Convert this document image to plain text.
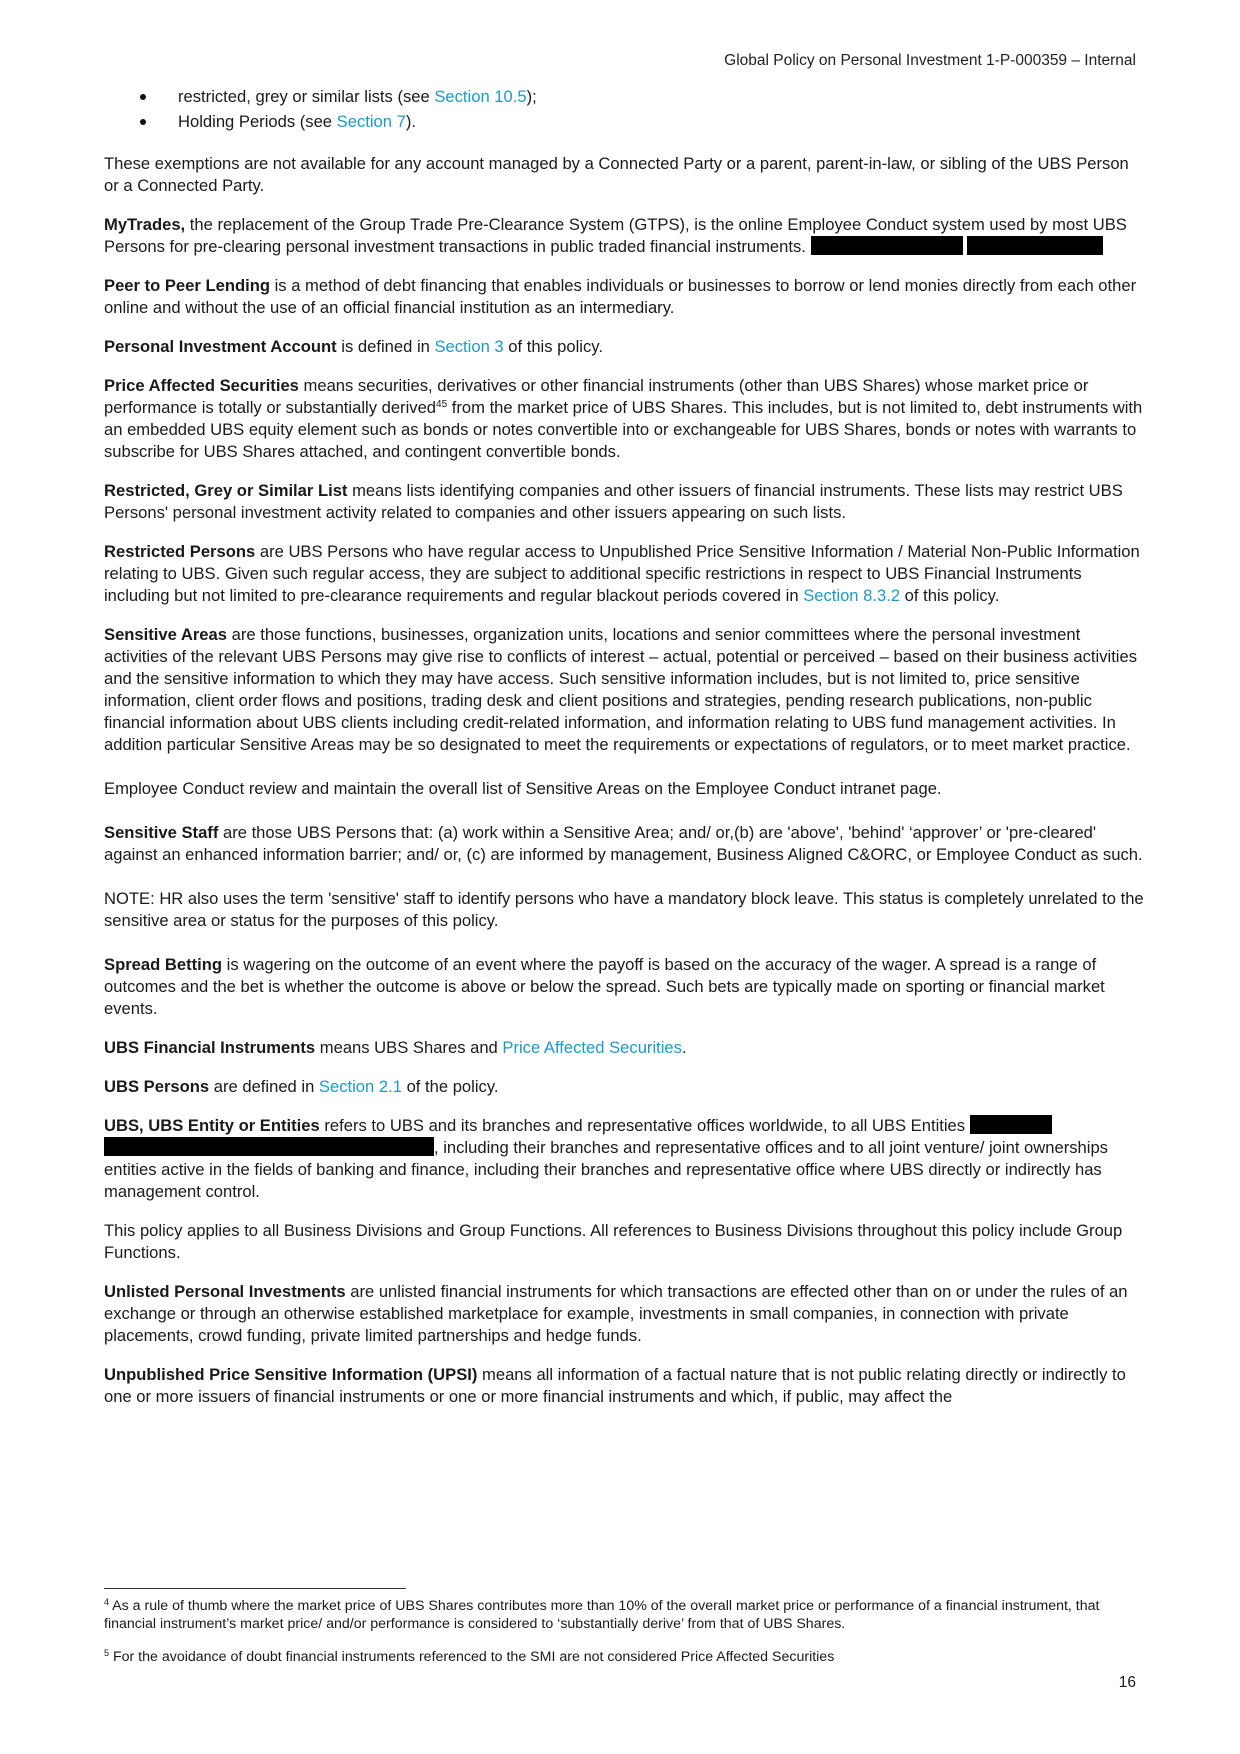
Global Policy on Personal Investment 1-P-000359 – Internal
restricted, grey or similar lists (see Section 10.5);
Holding Periods (see Section 7).

These exemptions are not available for any account managed by a Connected Party or a parent, parent-in-law, or sibling of the UBS Person or a Connected Party.

MyTrades, the replacement of the Group Trade Pre-Clearance System (GTPS), is the online Employee Conduct system used by most UBS Persons for pre-clearing personal investment transactions in public traded financial instruments.

Peer to Peer Lending is a method of debt financing that enables individuals or businesses to borrow or lend monies directly from each other online and without the use of an official financial institution as an intermediary.

Personal Investment Account is defined in Section 3 of this policy.

Price Affected Securities means securities, derivatives or other financial instruments (other than UBS Shares) whose market price or performance is totally or substantially derived$^{45}$ from the market price of UBS Shares. This includes, but is not limited to, debt instruments with an embedded UBS equity element such as bonds or notes convertible into or exchangeable for UBS Shares, bonds or notes with warrants to subscribe for UBS Shares attached, and contingent convertible bonds.

Restricted, Grey or Similar List means lists identifying companies and other issuers of financial instruments. These lists may restrict UBS Persons' personal investment activity related to companies and other issuers appearing on such lists.

Restricted Persons are UBS Persons who have regular access to Unpublished Price Sensitive Information / Material Non-Public Information relating to UBS. Given such regular access, they are subject to additional specific restrictions in respect to UBS Financial Instruments including but not limited to pre-clearance requirements and regular blackout periods covered in Section 8.3.2 of this policy.

Sensitive Areas are those functions, businesses, organization units, locations and senior committees where the personal investment activities of the relevant UBS Persons may give rise to conflicts of interest – actual, potential or perceived – based on their business activities and the sensitive information to which they may have access. Such sensitive information includes, but is not limited to, price sensitive information, client order flows and positions, trading desk and client positions and strategies, pending research publications, non-public financial information about UBS clients including credit-related information, and information relating to UBS fund management activities. In addition particular Sensitive Areas may be so designated to meet the requirements or expectations of regulators, or to meet market practice.

Employee Conduct review and maintain the overall list of Sensitive Areas on the Employee Conduct intranet page.

Sensitive Staff are those UBS Persons that: (a) work within a Sensitive Area; and/ or,(b) are 'above', 'behind' ‘approver’ or 'pre-cleared' against an enhanced information barrier; and/ or, (c) are informed by management, Business Aligned C&ORC, or Employee Conduct as such.

NOTE: HR also uses the term 'sensitive' staff to identify persons who have a mandatory block leave. This status is completely unrelated to the sensitive area or status for the purposes of this policy.

Spread Betting is wagering on the outcome of an event where the payoff is based on the accuracy of the wager. A spread is a range of outcomes and the bet is whether the outcome is above or below the spread. Such bets are typically made on sporting or financial market events.

UBS Financial Instruments means UBS Shares and Price Affected Securities.

UBS Persons are defined in Section 2.1 of the policy.

UBS, UBS Entity or Entities refers to UBS and its branches and representative offices worldwide, to all UBS Entities  , including their branches and representative offices and to all joint venture/ joint ownerships entities active in the fields of banking and finance, including their branches and representative office where UBS directly or indirectly has management control.

This policy applies to all Business Divisions and Group Functions. All references to Business Divisions throughout this policy include Group Functions.

Unlisted Personal Investments are unlisted financial instruments for which transactions are effected other than on or under the rules of an exchange or through an otherwise established marketplace for example, investments in small companies, in connection with private placements, crowd funding, private limited partnerships and hedge funds.

Unpublished Price Sensitive Information (UPSI) means all information of a factual nature that is not public relating directly or indirectly to one or more issuers of financial instruments or one or more financial instruments and which, if public, may affect the

$^4$ As a rule of thumb where the market price of UBS Shares contributes more than 10% of the overall market price or performance of a financial instrument, that financial instrument’s market price/ and/or performance is considered to ‘substantially derive’ from that of UBS Shares.

$^5$ For the avoidance of doubt financial instruments referenced to the SMI are not considered Price Affected Securities

16
